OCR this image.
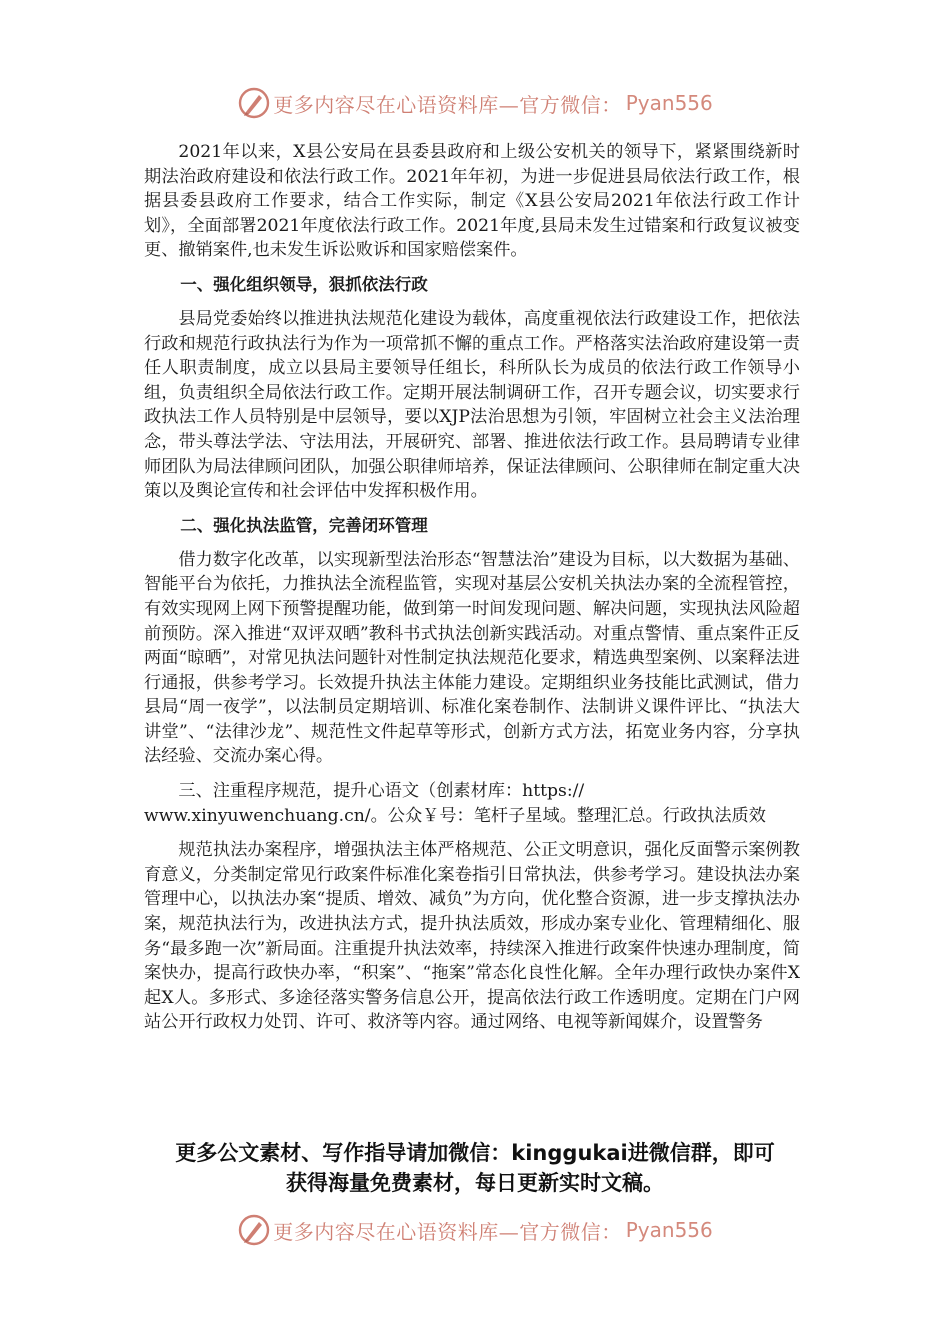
更多内容尽在心语资料库—官方微信： Pyan556

2021年以来，X县公安局在县委县政府和上级公安机关的领导下，紧紧围绕新时期法治政府建设和依法行政工作。2021年年初，为进一步促进县局依法行政工作，根据县委县政府工作要求，结合工作实际，制定《X县公安局2021年依法行政工作计划》，全面部署2021年度依法行政工作。2021年度,县局未发生过错案和行政复议被变更、撤销案件,也未发生诉讼败诉和国家赔偿案件。

一、强化组织领导，狠抓依法行政

县局党委始终以推进执法规范化建设为载体，高度重视依法行政建设工作，把依法行政和规范行政执法行为作为一项常抓不懈的重点工作。严格落实法治政府建设第一责任人职责制度，成立以县局主要领导任组长，科所队长为成员的依法行政工作领导小组，负责组织全局依法行政工作。定期开展法制调研工作，召开专题会议，切实要求行政执法工作人员特别是中层领导，要以XJP法治思想为引领，牢固树立社会主义法治理念，带头尊法学法、守法用法，开展研究、部署、推进依法行政工作。县局聘请专业律师团队为局法律顾问团队，加强公职律师培养，保证法律顾问、公职律师在制定重大决策以及舆论宣传和社会评估中发挥积极作用。

二、强化执法监管，完善闭环管理

借力数字化改革，以实现新型法治形态“智慧法治”建设为目标，以大数据为基础、智能平台为依托，力推执法全流程监管，实现对基层公安机关执法办案的全流程管控，有效实现网上网下预警提醒功能，做到第一时间发现问题、解决问题，实现执法风险超前预防。深入推进“双评双晒”教科书式执法创新实践活动。对重点警情、重点案件正反两面“晾晒”，对常见执法问题针对性制定执法规范化要求，精选典型案例、以案释法进行通报，供参考学习。长效提升执法主体能力建设。定期组织业务技能比武测试，借力县局“周一夜学”，以法制员定期培训、标准化案卷制作、法制讲义课件评比、“执法大讲堂”、“法律沙龙”、规范性文件起草等形式，创新方式方法，拓宽业务内容，分享执法经验、交流办案心得。

三、注重程序规范，提升心语文（创素材库：https://

www.xinyuwenchuang.cn/。公众￥号：笔杆子星域。整理汇总。行政执法质效

规范执法办案程序，增强执法主体严格规范、公正文明意识，强化反面警示案例教育意义，分类制定常见行政案件标准化案卷指引日常执法，供参考学习。建设执法办案管理中心，以执法办案“提质、增效、减负”为方向，优化整合资源，进一步支撑执法办案，规范执法行为，改进执法方式，提升执法质效，形成办案专业化、管理精细化、服务“最多跑一次”新局面。注重提升执法效率，持续深入推进行政案件快速办理制度，简案快办，提高行政快办率，“积案”、“拖案”常态化良性化解。全年办理行政快办案件X起X人。多形式、多途径落实警务信息公开，提高依法行政工作透明度。定期在门户网站公开行政权力处罚、许可、救济等内容。通过网络、电视等新闻媒介，设置警务

更多公文素材、写作指导请加微信：kinggukai进微信群，即可
获得海量免费素材，每日更新实时文稿。
更多内容尽在心语资料库—官方微信： Pyan556
